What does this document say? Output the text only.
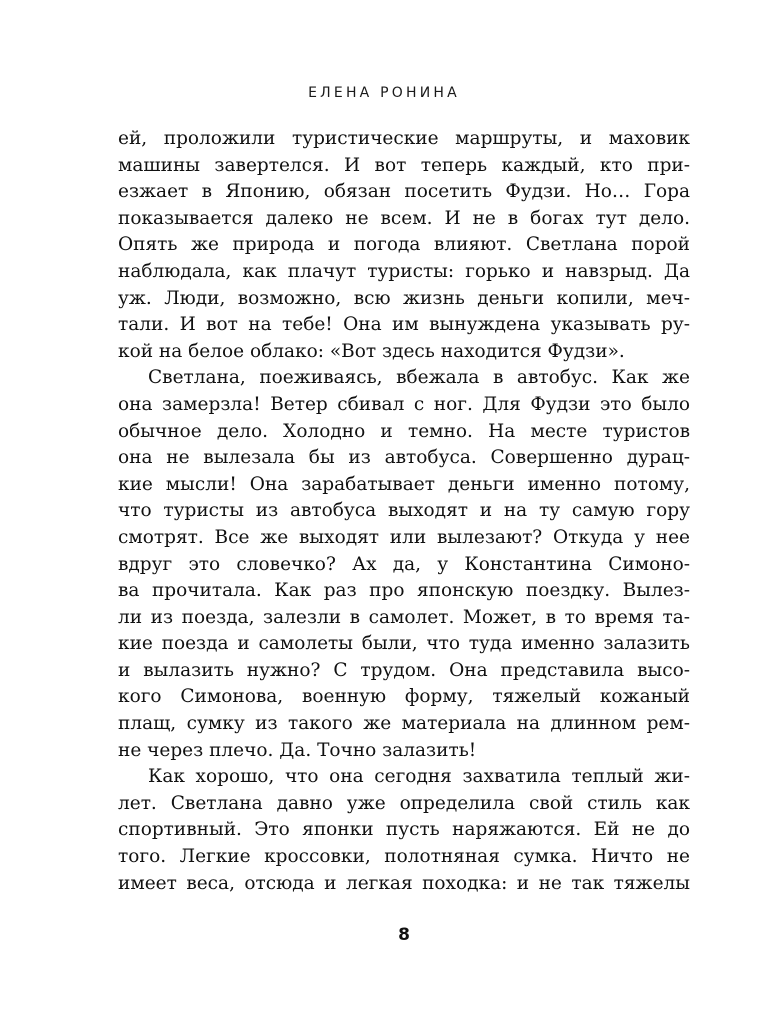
ЕЛЕНА РОНИНА
ей, проложили туристические маршруты, и маховик
машины завертелся. И вот теперь каждый, кто при-
езжает в Японию, обязан посетить Фудзи. Но… Гора
показывается далеко не всем. И не в богах тут дело.
Опять же природа и погода влияют. Светлана порой
наблюдала, как плачут туристы: горько и навзрыд. Да
уж. Люди, возможно, всю жизнь деньги копили, меч-
тали. И вот на тебе! Она им вынуждена указывать ру-
кой на белое облако: «Вот здесь находится Фудзи».
Светлана, поеживаясь, вбежала в автобус. Как же
она замерзла! Ветер сбивал с ног. Для Фудзи это было
обычное дело. Холодно и темно. На месте туристов
она не вылезала бы из автобуса. Совершенно дурац-
кие мысли! Она зарабатывает деньги именно потому,
что туристы из автобуса выходят и на ту самую гору
смотрят. Все же выходят или вылезают? Откуда у нее
вдруг это словечко? Ах да, у Константина Симоно-
ва прочитала. Как раз про японскую поездку. Вылез-
ли из поезда, залезли в самолет. Может, в то время та-
кие поезда и самолеты были, что туда именно залазить
и вылазить нужно? С трудом. Она представила высо-
кого Симонова, военную форму, тяжелый кожаный
плащ, сумку из такого же материала на длинном рем-
не через плечо. Да. Точно залазить!
Как хорошо, что она сегодня захватила теплый жи-
лет. Светлана давно уже определила свой стиль как
спортивный. Это японки пусть наряжаются. Ей не до
того. Легкие кроссовки, полотняная сумка. Ничто не
имеет веса, отсюда и легкая походка: и не так тяжелы
8
